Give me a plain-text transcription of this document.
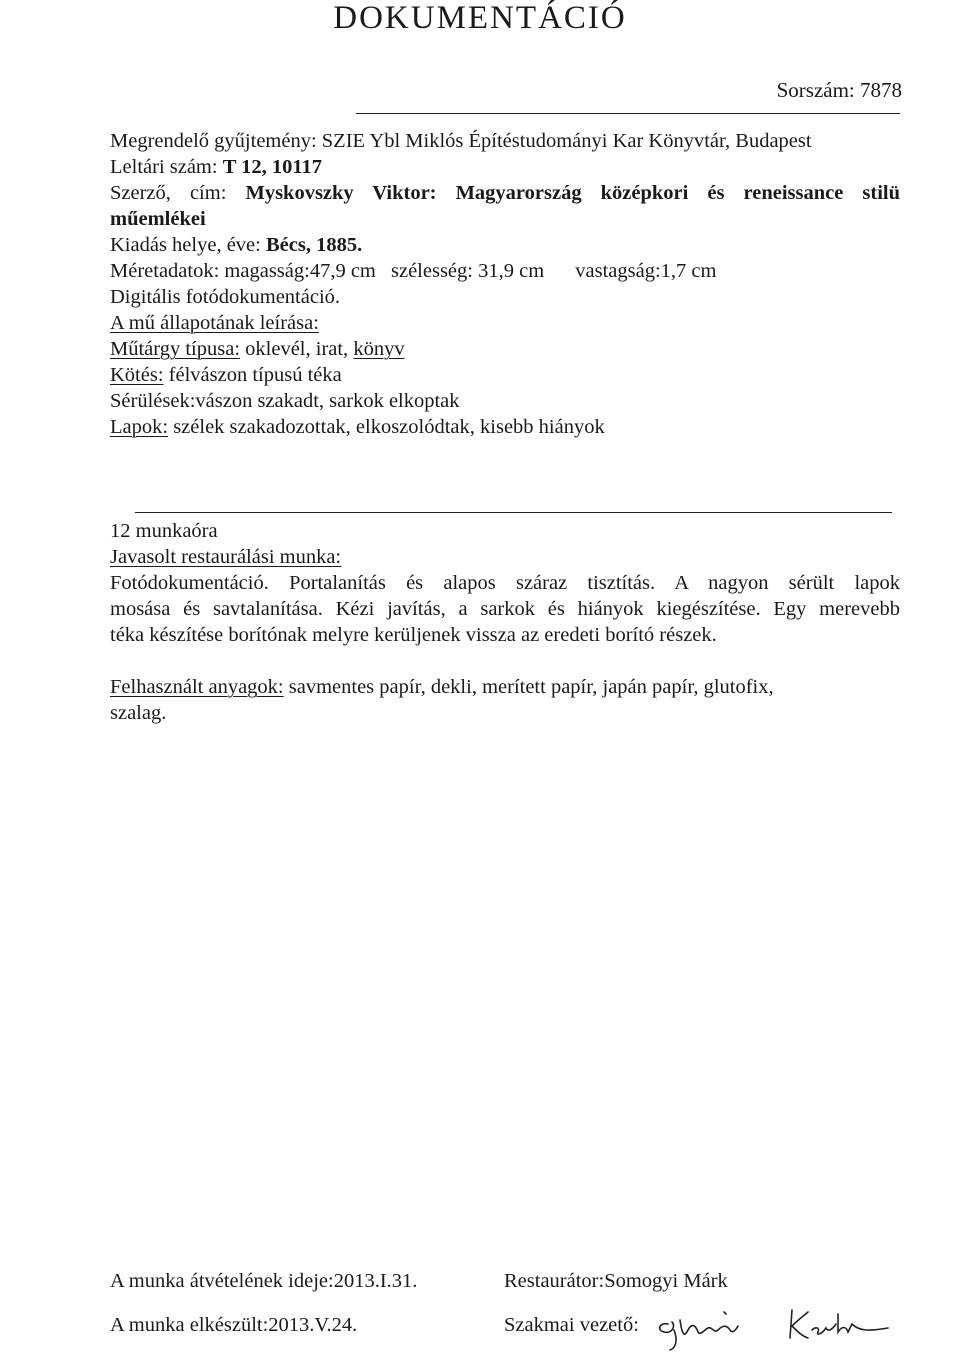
DOKUMENTÁCIÓ
Sorszám: 7878
Megrendelő gyűjtemény: SZIE Ybl Miklós Építéstudományi Kar Könyvtár, Budapest
Leltári szám: T 12, 10117
Szerző, cím: Myskovszky Viktor: Magyarország középkori és reneissance stilü
műemlékei
Kiadás helye, éve: Bécs, 1885.
Méretadatok: magasság:47,9 cm szélesség: 31,9 cm vastagság:1,7 cm
Digitális fotódokumentáció.
A mű állapotának leírása:
Műtárgy típusa: oklevél, irat, könyv
Kötés: félvászon típusú téka
Sérülések:vászon szakadt, sarkok elkoptak
Lapok: szélek szakadozottak, elkoszolódtak, kisebb hiányok
12 munkaóra
Javasolt restaurálási munka:
Fotódokumentáció. Portalanítás és alapos száraz tisztítás. A nagyon sérült lapok
mosása és savtalanítása. Kézi javítás, a sarkok és hiányok kiegészítése. Egy merevebb
téka készítése borítónak melyre kerüljenek vissza az eredeti borító részek.
Felhasznált anyagok: savmentes papír, dekli, merített papír, japán papír, glutofix,
szalag.
A munka átvételének ideje:2013.I.31.	Restaurátor:Somogyi Márk
A munka elkészült:2013.V.24.	Szakmai vezető:
